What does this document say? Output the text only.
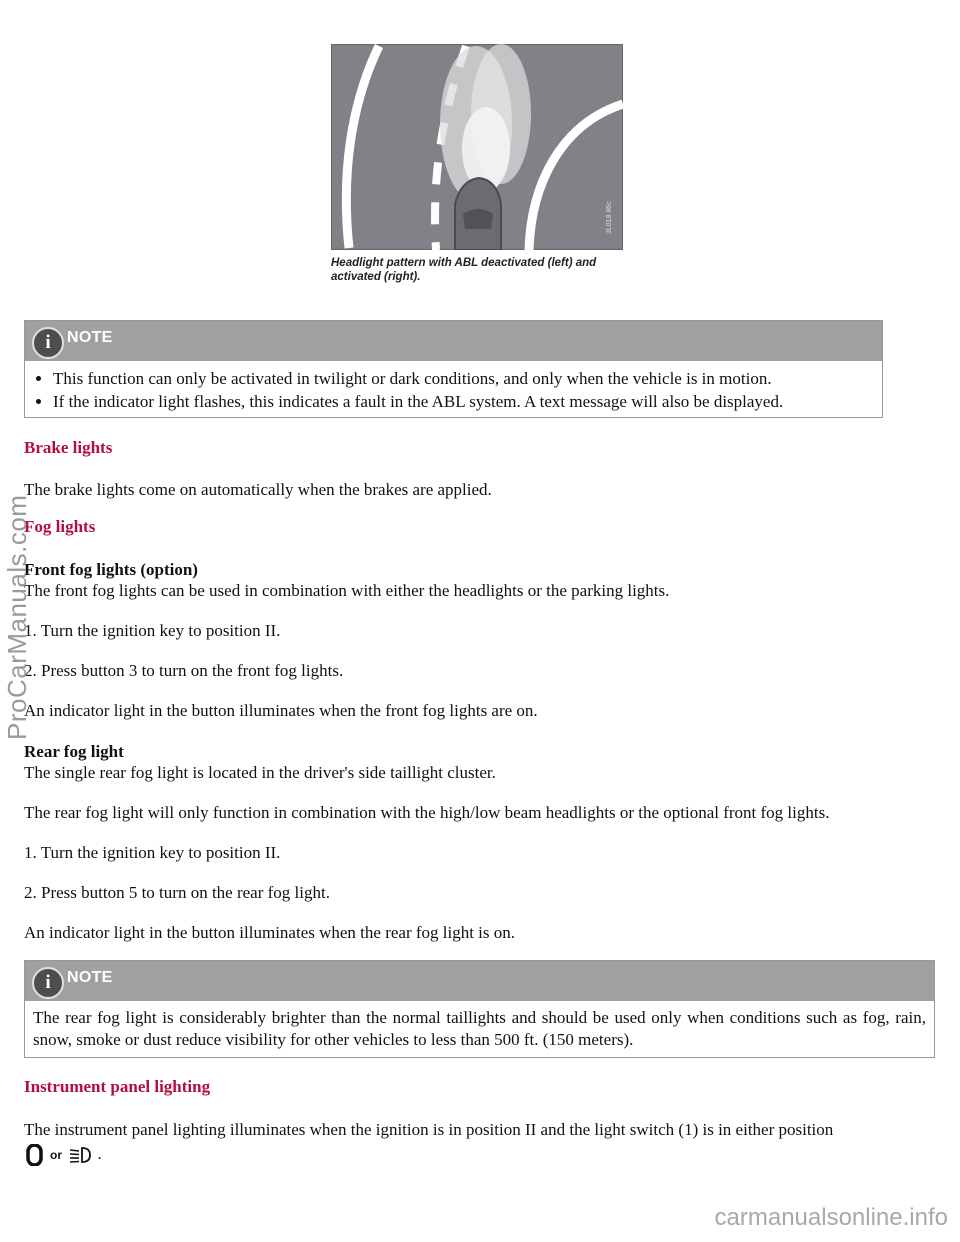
3L018 86c
Headlight pattern with ABL deactivated (left) and activated (right).
i	NOTE
• This function can only be activated in twilight or dark conditions, and only when the vehicle is in motion.
• If the indicator light flashes, this indicates a fault in the ABL system. A text message will also be displayed.
Brake lights
The brake lights come on automatically when the brakes are applied.
Fog lights
Front fog lights (option)
The front fog lights can be used in combination with either the headlights or the parking lights.
1. Turn the ignition key to position II.
2. Press button 3 to turn on the front fog lights.
An indicator light in the button illuminates when the front fog lights are on.
Rear fog light
The single rear fog light is located in the driver's side taillight cluster.
The rear fog light will only function in combination with the high/low beam headlights or the optional front fog lights.
1. Turn the ignition key to position II.
2. Press button 5 to turn on the rear fog light.
An indicator light in the button illuminates when the rear fog light is on.
i	NOTE

The rear fog light is considerably brighter than the normal taillights and should be used only when conditions such as fog, rain, snow, smoke or dust reduce visibility for other vehicles to less than 500 ft. (150 meters).

Instrument panel lighting
The instrument panel lighting illuminates when the ignition is in position II and the light switch (1) is in either position
or	.
ProCarManuals.com
carmanualsonline.info
